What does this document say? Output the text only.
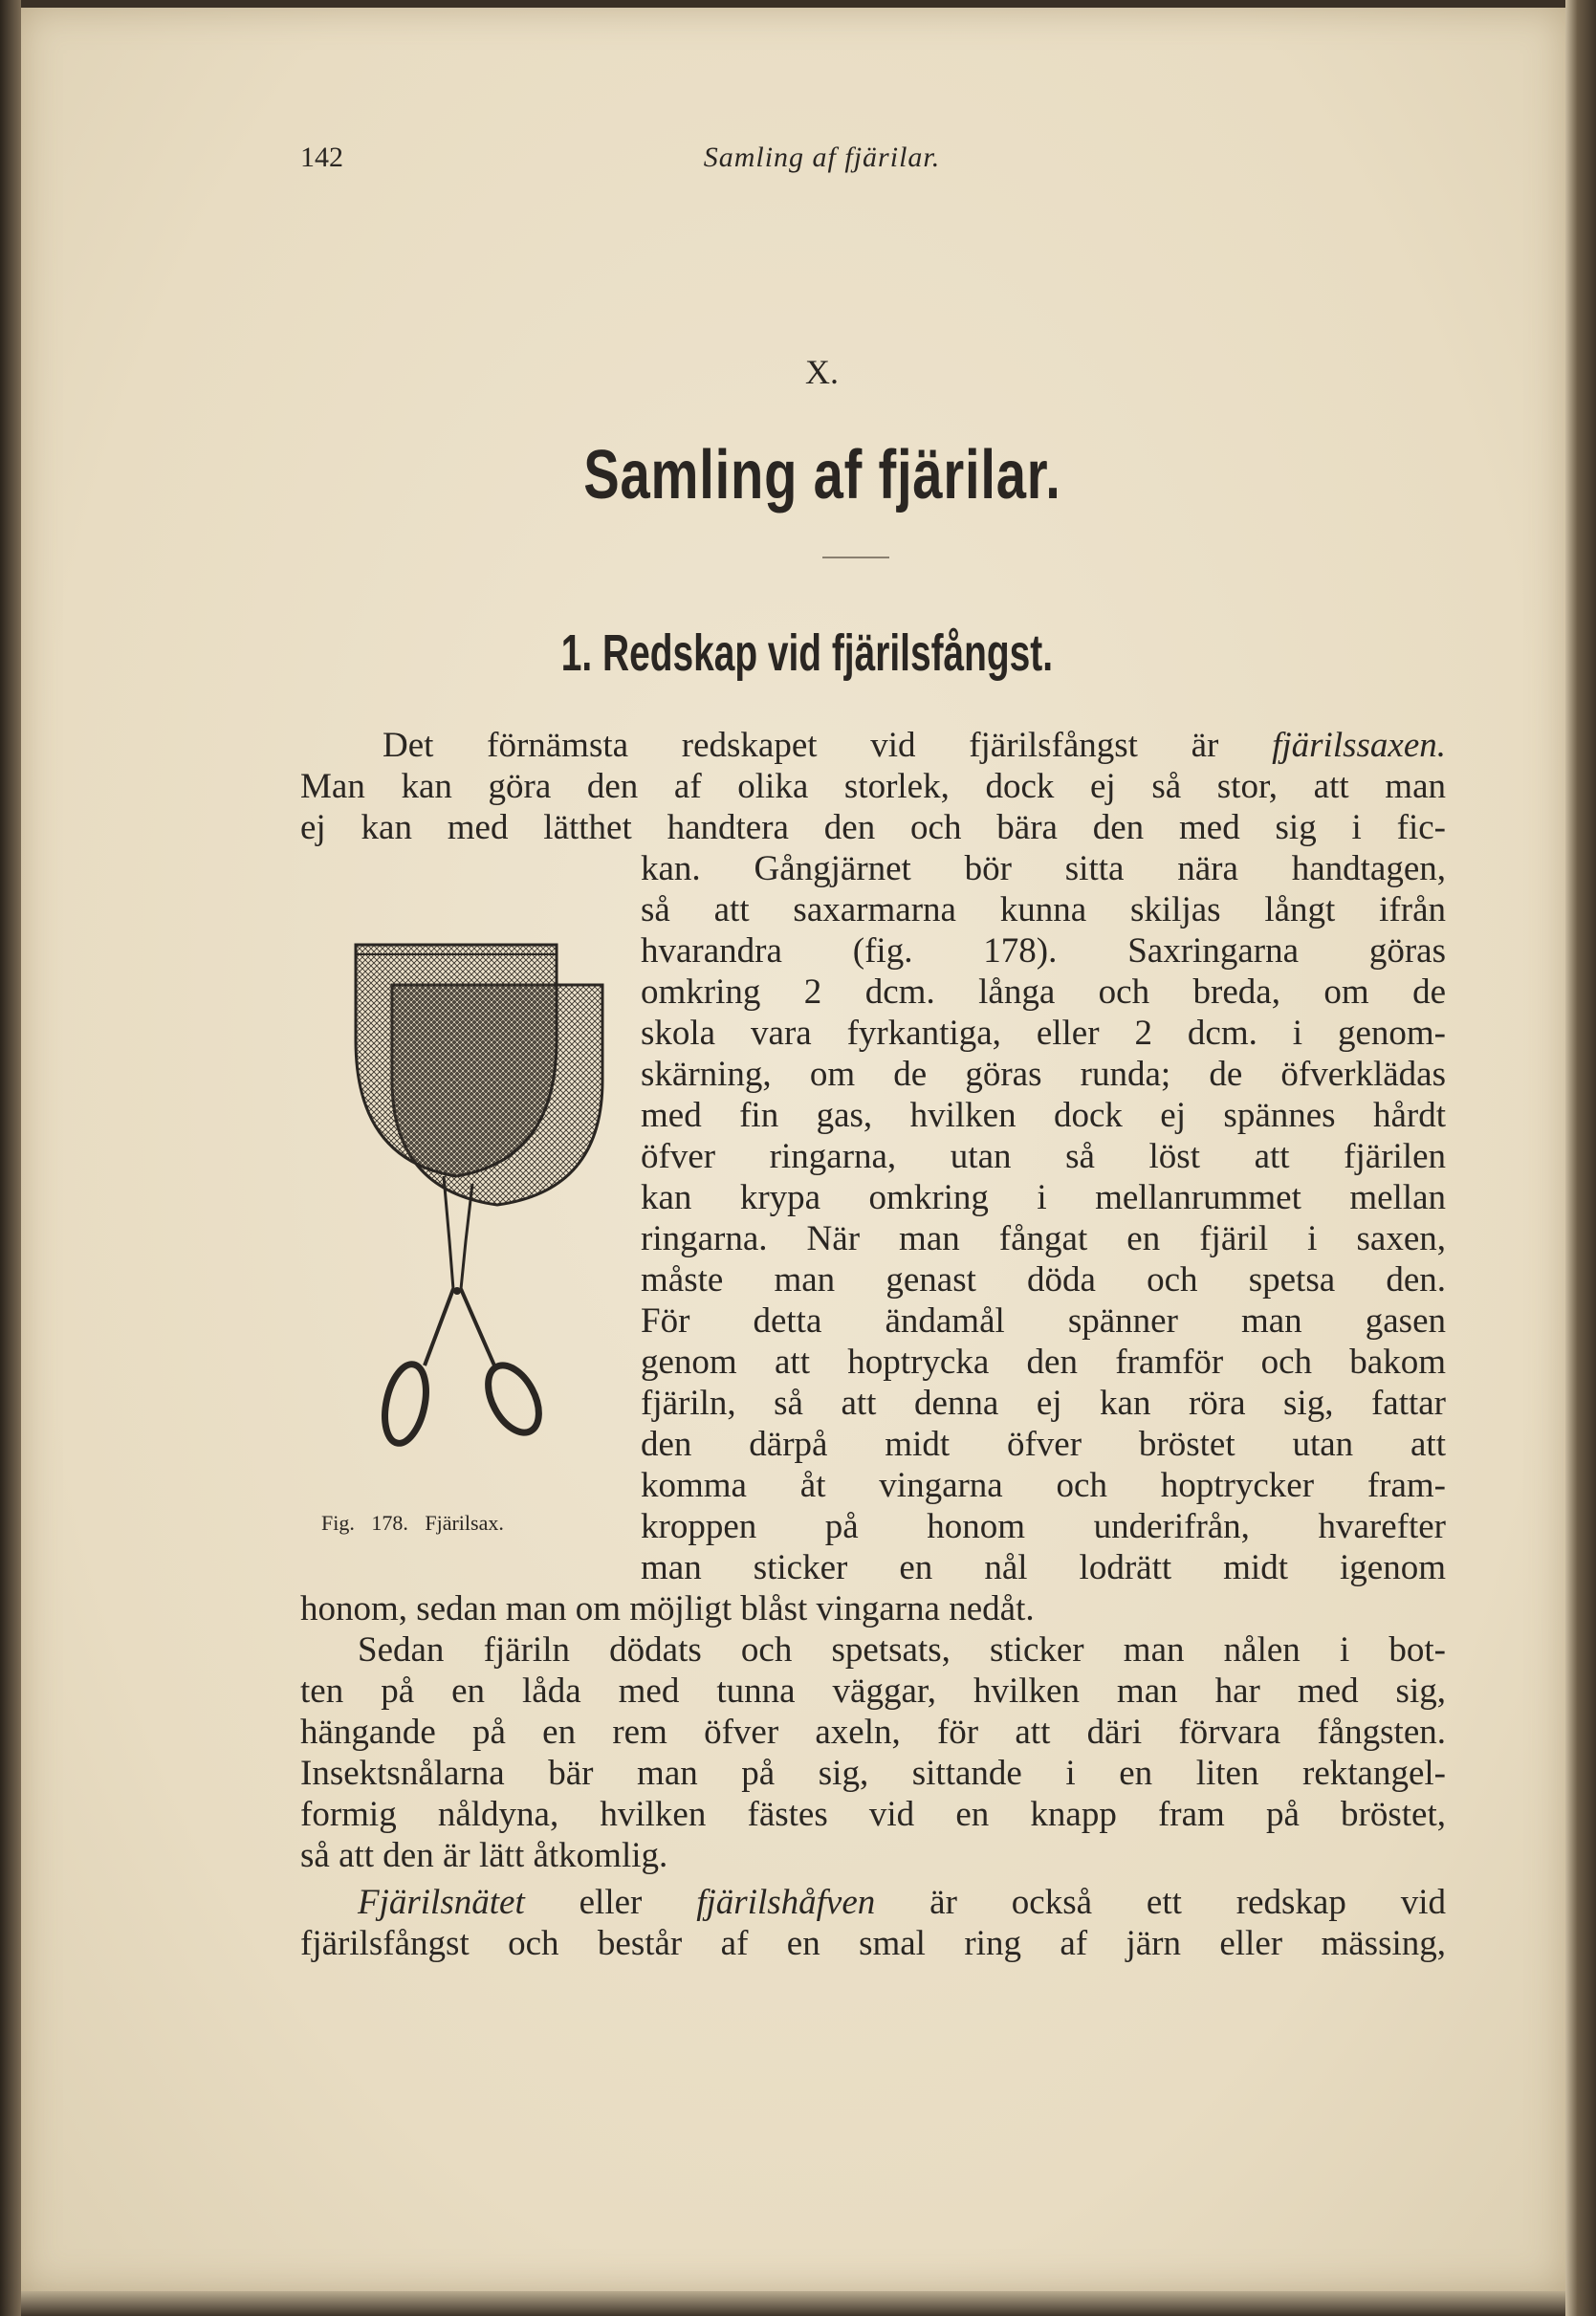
142	Samling af fjärilar.
X.
Samling af fjärilar.
1. Redskap vid fjärilsfångst.
Fig. 178. Fjärilsax.
Det förnämsta redskapet vid fjärilsfångst är fjärilssaxen.
Man kan göra den af olika storlek, dock ej så stor, att man
ej kan med lätthet handtera den och bära den med sig i fic-
kan. Gångjärnet bör sitta nära handtagen,
så att saxarmarna kunna skiljas långt ifrån
hvarandra (fig. 178). Saxringarna göras
omkring 2 dcm. långa och breda, om de
skola vara fyrkantiga, eller 2 dcm. i genom-
skärning, om de göras runda; de öfverklädas
med fin gas, hvilken dock ej spännes hårdt
öfver ringarna, utan så löst att fjärilen
kan krypa omkring i mellanrummet mellan
ringarna. När man fångat en fjäril i saxen,
måste man genast döda och spetsa den.
För detta ändamål spänner man gasen
genom att hoptrycka den framför och bakom
fjäriln, så att denna ej kan röra sig, fattar
den därpå midt öfver bröstet utan att
komma åt vingarna och hoptrycker fram-
kroppen på honom underifrån, hvarefter
man sticker en nål lodrätt midt igenom
honom, sedan man om möjligt blåst vingarna nedåt.
Sedan fjäriln dödats och spetsats, sticker man nålen i bot-
ten på en låda med tunna väggar, hvilken man har med sig,
hängande på en rem öfver axeln, för att däri förvara fångsten.
Insektsnålarna bär man på sig, sittande i en liten rektangel-
formig nåldyna, hvilken fästes vid en knapp fram på bröstet,
så att den är lätt åtkomlig.
Fjärilsnätet eller fjärilshåfven är också ett redskap vid
fjärilsfångst och består af en smal ring af järn eller mässing,
